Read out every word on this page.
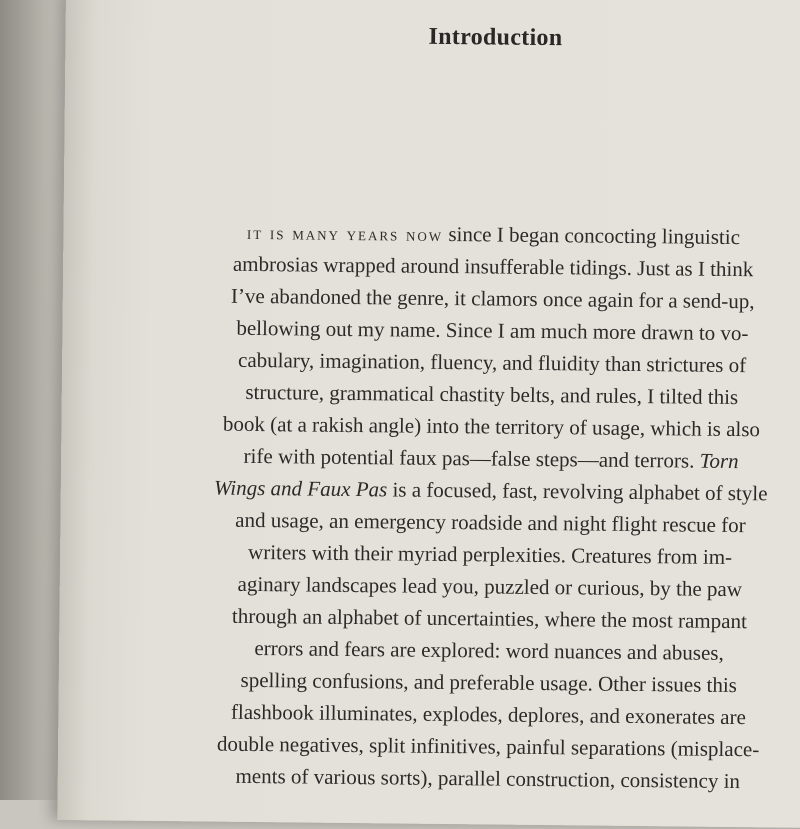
Introduction
it is many years now since I began concocting linguistic
ambrosias wrapped around insufferable tidings. Just as I think
I’ve abandoned the genre, it clamors once again for a send-up,
bellowing out my name. Since I am much more drawn to vo-
cabulary, imagination, fluency, and fluidity than strictures of
structure, grammatical chastity belts, and rules, I tilted this
book (at a rakish angle) into the territory of usage, which is also
rife with potential faux pas—false steps—and terrors. Torn
Wings and Faux Pas is a focused, fast, revolving alphabet of style
and usage, an emergency roadside and night flight rescue for
writers with their myriad perplexities. Creatures from im-
aginary landscapes lead you, puzzled or curious, by the paw
through an alphabet of uncertainties, where the most rampant
errors and fears are explored: word nuances and abuses,
spelling confusions, and preferable usage. Other issues this
flashbook illuminates, explodes, deplores, and exonerates are
double negatives, split infinitives, painful separations (misplace-
ments of various sorts), parallel construction, consistency in
